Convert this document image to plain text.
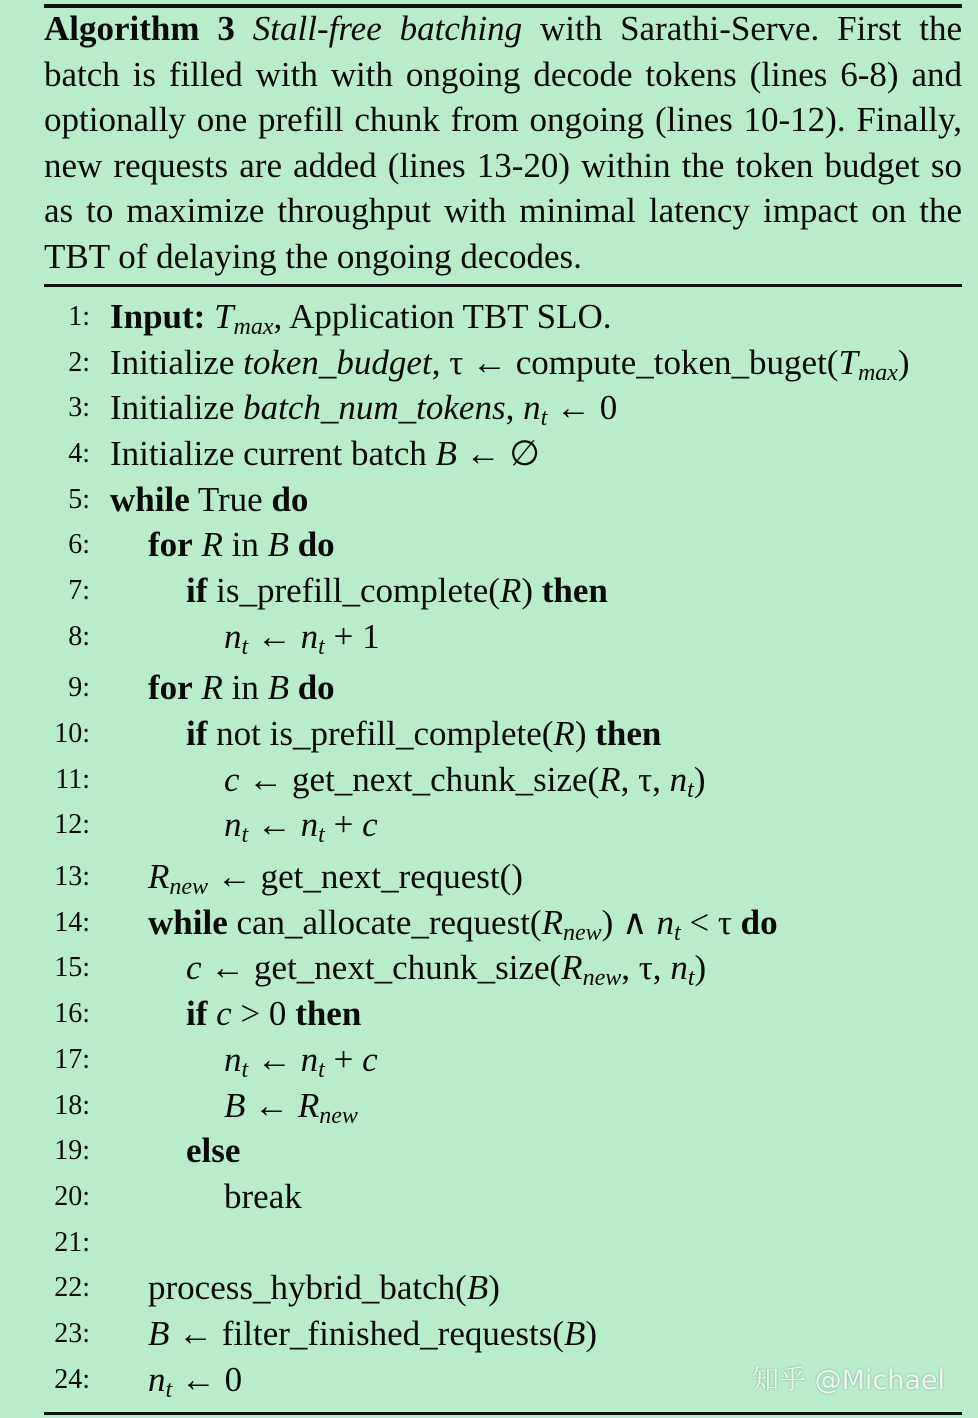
Algorithm 3 Stall-free batching with Sarathi-Serve. First the batch is filled with with ongoing decode tokens (lines 6-8) and optionally one prefill chunk from ongoing (lines 10-12). Finally, new requests are added (lines 13-20) within the token budget so as to maximize throughput with minimal latency impact on the TBT of delaying the ongoing decodes.
1: Input: $T_{max}$, Application TBT SLO.
2: Initialize token_budget, τ ← $compute\_token\_buget(T_{max})$
3: Initialize batch_num_tokens, $n_t$ ← 0
4: Initialize current batch B ← ∅
5: while True do
6: for R in B do
7:	if is_prefill_complete(R) then
8:	$n_t$ ← $n_t + 1$
9: for R in B do
10:	if not is_prefill_complete(R) then
11:	c ← get_next_chunk_size(R, τ, $n_t$)
12:	$n_t$ ← $n_t + c$
13: $R_{new}$ ← get_next_request()
14: while $can\_allocate\_request(R_{new})$ ∧ $n_t < \tau$ do
15:	c ← $get\_next\_chunk\_size(R_{new}$, τ, $n_t$)
16:	if c > 0 then
17:	$n_t$ ← $n_t + c$
18:	B ← $R_{new}$
19:	else
20:	break
21:
22: process_hybrid_batch(B)
23: B ← filter_finished_requests(B)
24: $n_t$ ← 0	知乎 @Michael
